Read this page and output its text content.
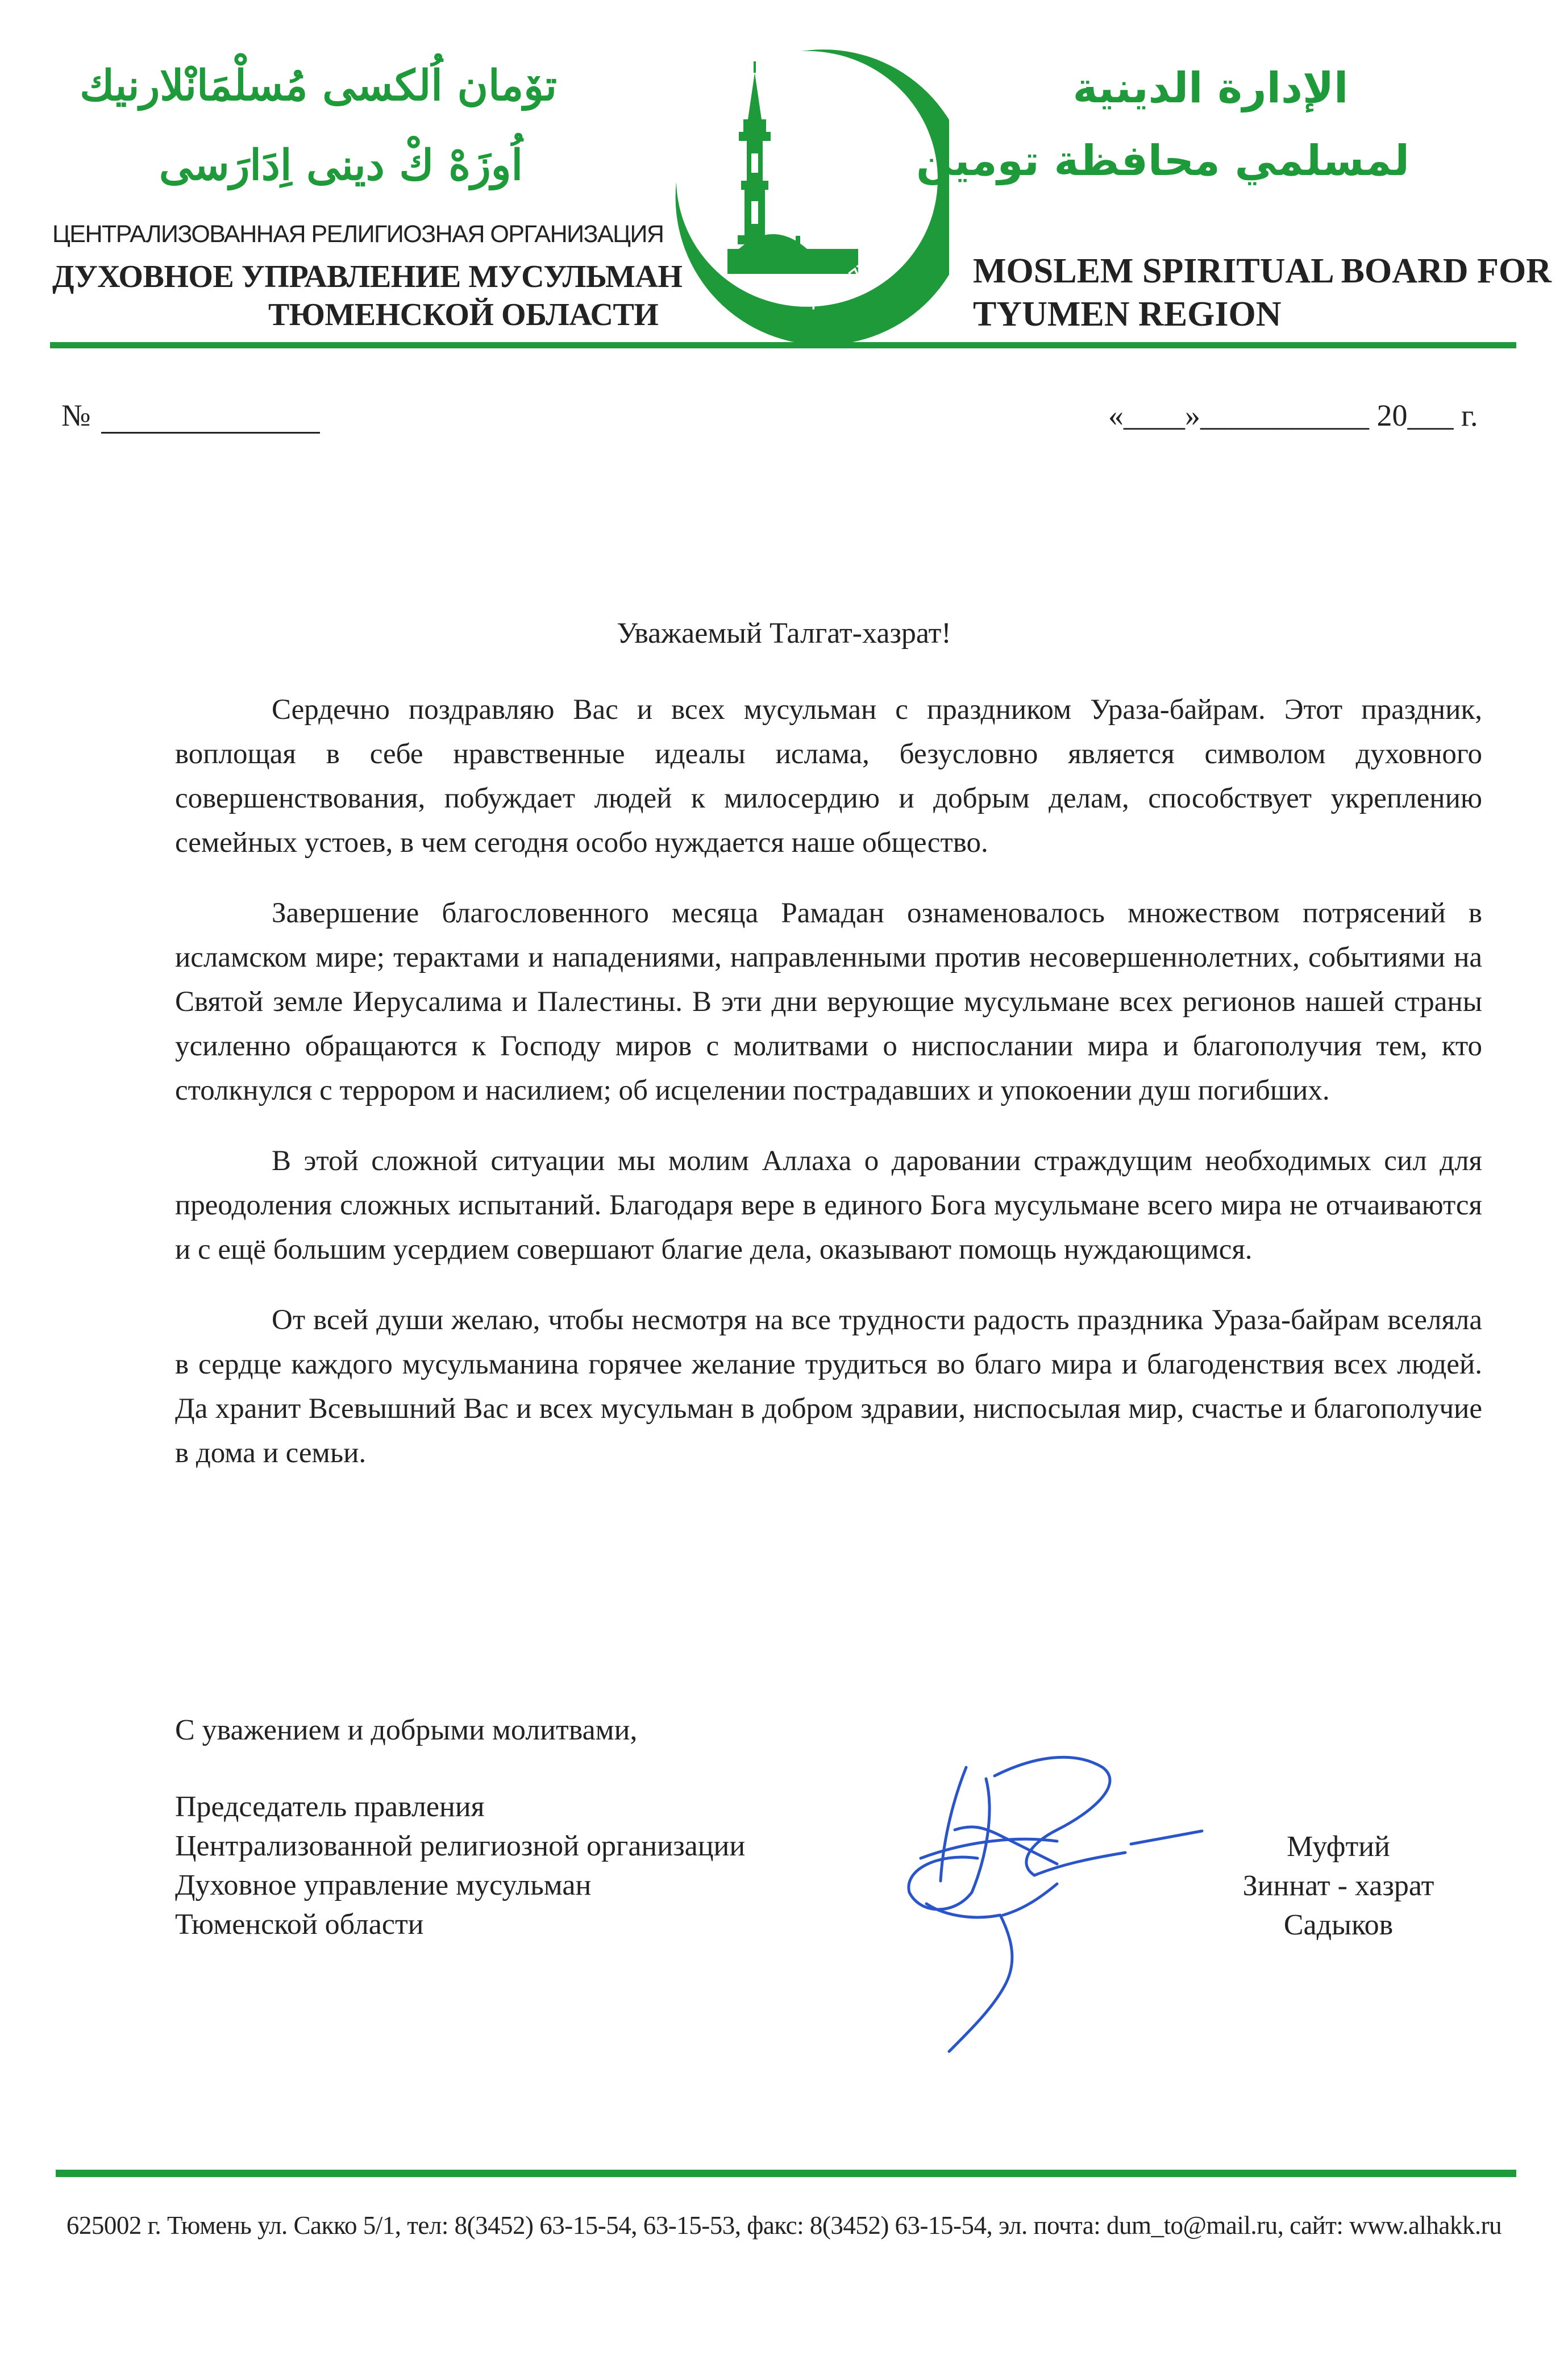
تۆمان اُلكسی مُسلْمَانْلارنیك
اُوزَهْ كْ دینی اِدَارَسی
ЦЕНТРАЛИЗОВАННАЯ РЕЛИГИОЗНАЯ ОРГАНИЗАЦИЯ
ДУХОВНОЕ УПРАВЛЕНИЕ МУСУЛЬМАН
ТЮМЕНСКОЙ ОБЛАСТИ	ЦРО ДУМ ТО
الإدارة الدينية
لمسلمي محافظة تومين
MOSLEM SPIRITUAL BOARD FOR
TYUMEN REGION
№	«____»___________ 20___ г.
Уважаемый Талгат-хазрат!

Сердечно поздравляю Вас и всех мусульман с праздником Ураза-байрам. Этот праздник, воплощая в себе нравственные идеалы ислама, безусловно является символом духовного совершенствования, побуждает людей к милосердию и добрым делам, способствует укреплению семейных устоев, в чем сегодня особо нуждается наше общество.

Завершение благословенного месяца Рамадан ознаменовалось множеством потрясений в исламском мире; терактами и нападениями, направленными против несовершеннолетних, событиями на Святой земле Иерусалима и Палестины. В эти дни верующие мусульмане всех регионов нашей страны усиленно обращаются к Господу миров с молитвами о ниспослании мира и благополучия тем, кто столкнулся с террором и насилием; об исцелении пострадавших и упокоении душ погибших.

В этой сложной ситуации мы молим Аллаха о даровании страждущим необходимых сил для преодоления сложных испытаний. Благодаря вере в единого Бога мусульмане всего мира не отчаиваются и с ещё большим усердием совершают благие дела, оказывают помощь нуждающимся.

От всей души желаю, чтобы несмотря на все трудности радость праздника Ураза-байрам вселяла в сердце каждого мусульманина горячее желание трудиться во благо мира и благоденствия всех людей. Да хранит Всевышний Вас и всех мусульман в добром здравии, ниспосылая мир, счастье и благополучие в дома и семьи.

С уважением и добрыми молитвами,
Председатель правления
Централизованной религиозной организации
Духовное управление мусульман
Тюменской области
Муфтий
Зиннат - хазрат
Садыков
625002 г. Тюмень ул. Сакко 5/1, тел: 8(3452) 63-15-54, 63-15-53, факс: 8(3452) 63-15-54, эл. почта: dum_to@mail.ru, сайт: www.alhakk.ru
